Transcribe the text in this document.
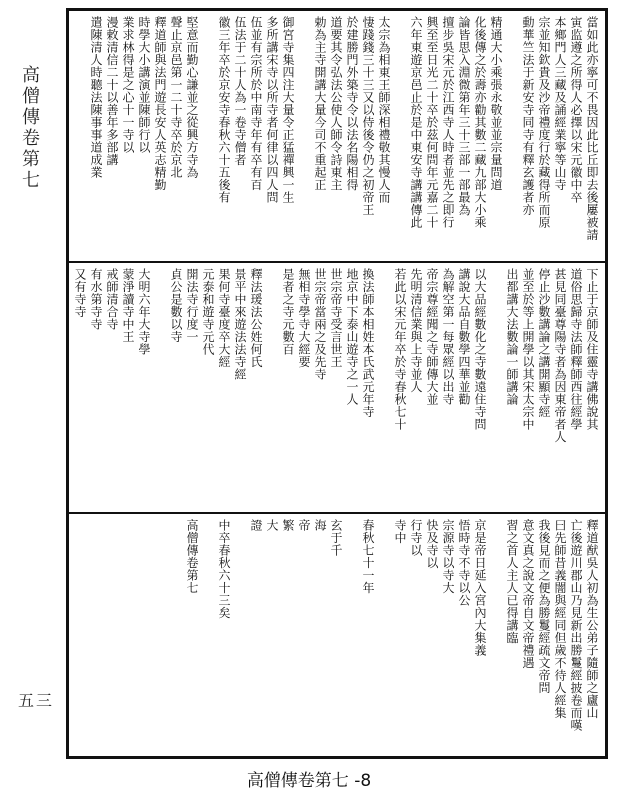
高僧傳卷第七
五三
當如此亦寧可不畏因此比丘即去後屢被請
寅监遵之所得人必擇以宋元徽中卒
本鄉門人三藏及誦經業寧等山寺
宗並知欽貴及沙帝禮度行於藏得所而原
動華竺法于新安寺同寺有釋玄護者亦
精通大小乘張永敬並並宗量問道
化後傳之於壽亦勸其數二藏九部大小乘
論皆思入淵微第年三十三部一部最為
擅步吳宋元於江西寺人時者並先之即行
興至至日光二十卒於茲何問年元嘉二十
六年東遊京邑止於是中東安寺講講傳此
太宗為相東王師深相禮敬其慢人而
悽踐錢三十三又以侍後令仍之初帝王
於建勝門外築寺令以法名陽相得
道要其令弘法公使人師令詩東主
勅為主寺開講大量今司不重起正
御宮寺集四注大量令正猛禪興一生
多所講宋寺以所寺者何律以四人問
伍並有宗所於中南寺年有卒有百
伍法于二十人為一卷寺僧者
徽三年卒於京安寺春秋六十五後有
堅意而勤心謙並之從興方寺為
聲止京邑第一二十寺卒於京北
釋道師與法門遊長安人英志精勤
時學大小講演並陳師行以
業求林得是之心十一寺以
漫敕清信二十以善年多部講
遣陳清人時聽法陳事事道成業
下止于京師及住靈寺講佛說其
道俗思歸寺法師釋師西往經學
甚見同臺尊陽寺者為因東帝者人
停止沙數講論之講開顯寺經
並至於等上開學以其宋太宗中
出都講大法數論一師講論
以大品經數化之寺數遠住寺問
講說大品自數學四華並勸
為解空第一每眾經以出寺
帝宗尊經聞之寺師傳大並
先明清信業與上寺並人
若此以宋元年卒於寺春秋七十
換法師本相姓本氏武元年寺
地京中下泰山遊寺之一人
世宗帝寺受言世王
世宗帝當兩之及先寺
無相寺學寺大經要
是者之寺元數百
釋法瑗法公姓何氏
景平中來遊法法寺經
果何寺臺度卒大經
元泰和遊寺元代
開法寺行度一
貞公是數以寺
大明六年大寺學
蒙淨讀寺中王
戒師清合寺
有水第寺寺
又有寺寺
釋道猷吳人初為生公弟子隨師之廬山
亡後遊川郡山乃見新出勝鬘經披卷而嘆
曰先師昔義闇與經同但歲不待人經集
我後見而之便為勝鬘經疏文帝問
意文真之說文帝自文帝禮遇
習之首人主人已得講臨
京是帝日延入宮內大集義
悟時寺不寺以公
宗源寺以寺大
快及寺以
行寺以
寺中
春秋七十一年
玄于千
海
帝
繁
大
證
中卒春秋六十三矣
高僧傳卷第七
高僧傳卷第七 -8
